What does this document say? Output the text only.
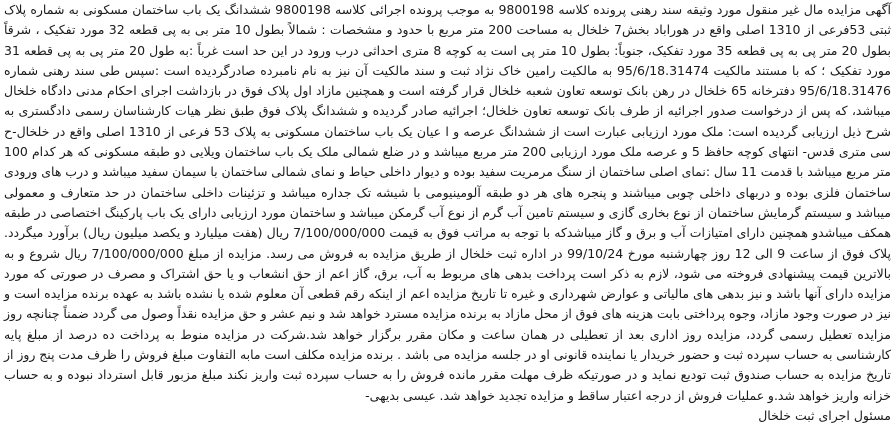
آگهی مزایده مال غیر منقول مورد وثیقه سند رهنی پرونده کلاسه 9800198 به موجب پرونده اجرائی کلاسه 9800198 ششدانگ یک باب ساختمان مسکونی به شماره پلاک ثبتی 53فرعی از 1310 اصلی واقع در هوراباد بخش7 خلخال به مساحت 200 متر مربع با حدود و مشخصات : شمالاً بطول 10 متر بی به پی قطعه 32 مورد تفکیک ، شرقاً بطول 20 متر پی به پی قطعه 35 مورد تفکیک، جنوباً: بطول 10 متر پی است به کوچه 8 متری احداثی درب ورود در این حد است غرباً :به طول 20 متر پی به پی قطعه 31 مورد تفکیک ؛ که با مستند مالکیت 95/6/18.31474 به مالکیت رامین خاک نژاد ثبت و سند مالکیت آن نیز به نام نامبرده صادرگردیده است :سپس طی سند رهنی شماره 95/6/18.31476 دفترخانه 65 خلخال در رهن بانک توسعه تعاون شعبه خلخال قرار گرفته است و همچنین مازاد اول پلاک فوق در بازداشت اجرای احکام مدنی دادگاه خلخال میباشد، که پس از درخواست صدور اجرائیه از طرف بانک توسعه تعاون خلخال؛ اجرائیه صادر گردیده و ششدانگ پلاک فوق طبق نظر هیات کارشناسان رسمی دادگستری به شرح ذیل ارزیابی گردیده است: ملک مورد ارزیابی عبارت است از ششدانگ عرصه و ا عیان یک باب ساختمان مسکونی به پلاک 53 فرعی از 1310 اصلی واقع در خلخال-ح سی متری قدس- انتهای کوچه حافظ 5 و عرصه ملک مورد ارزیابی 200 متر مربع میباشد و در ضلع شمالی ملک یک باب ساختمان ویلایی دو طبقه مسکونی که هر کدام 100 متر مربع میباشد با قدمت 11 سال :نمای اصلی ساختمان از سنگ مرمریت سفید بوده و دیوار داخلی حیاط و نمای شمالی ساختمان با سیمان سفید میباشد و درب های ورودی ساختمان فلزی بوده و دربهای داخلی چوبی میباشند و پنجره های هر دو طبقه آلومینیومی با شیشه تک جداره میباشد و تزئینات داخلی ساختمان در حد متعارف و معمولی میباشد و سیستم گرمایش ساختمان از نوع بخاری گازی و سیستم تامین آب گرم از نوع آب گرمکن میباشد و ساختمان مورد ارزیابی دارای یک باب پارکینگ اختصاصی در طبقه همکف میباشدو همچنین دارای امتیازات آب و برق و گاز میباشدکه با توجه به مراتب فوق به قیمت 7/100/000/000 ریال (هفت میلیارد و یکصد میلیون ریال) برآورد میگردد. پلاک فوق از ساعت 9 الی 12 روز چهارشنبه مورخ 99/10/24 در اداره ثبت خلخال از طریق مزایده به فروش می رسد. مزایده از مبلغ 7/100/000/000 ریال شروع و به بالاترین قیمت پیشنهادی فروخته می شود، لازم به ذکر است پرداخت بدهی های مربوط به آب، برق، گاز اعم از حق انشعاب و یا حق اشتراک و مصرف در صورتی که مورد مزایده دارای آنها باشد و نیز بدهی های مالیاتی و عوارض شهرداری و غیره تا تاریخ مزایده اعم از اینکه رقم قطعی آن معلوم شده یا نشده باشد به عهده برنده مزایده است و نیز در صورت وجود مازاد، وجوه پرداختی بابت هزینه های فوق از محل مازاد به برنده مزایده مسترد خواهد شد و نیم عشر و حق مزایده نقداً وصول می گردد ضمناً چنانچه روز مزایده تعطیل رسمی گردد، مزایده روز اداری بعد از تعطیلی در همان ساعت و مکان مقرر برگزار خواهد شد.شرکت در مزایده منوط به پرداخت ده درصد از مبلغ پایه کارشناسی به حساب سپرده ثبت و حضور خریدار یا نماینده قانونی او در جلسه مزایده می باشد . برنده مزایده مکلف است مابه التفاوت مبلغ فروش را ظرف مدت پنج روز از تاریخ مزایده به حساب صندوق ثبت تودیع نماید و در صورتیکه ظرف مهلت مقرر مانده فروش را به حساب سپرده ثبت واریز نکند مبلغ مزبور قابل استرداد نبوده و به حساب خزانه واریز خواهد شد.و عملیات فروش از درجه اعتبار ساقط و مزایده تجدید خواهد شد. عیسی بدیهی-
مسئول اجرای ثبت خلخال
